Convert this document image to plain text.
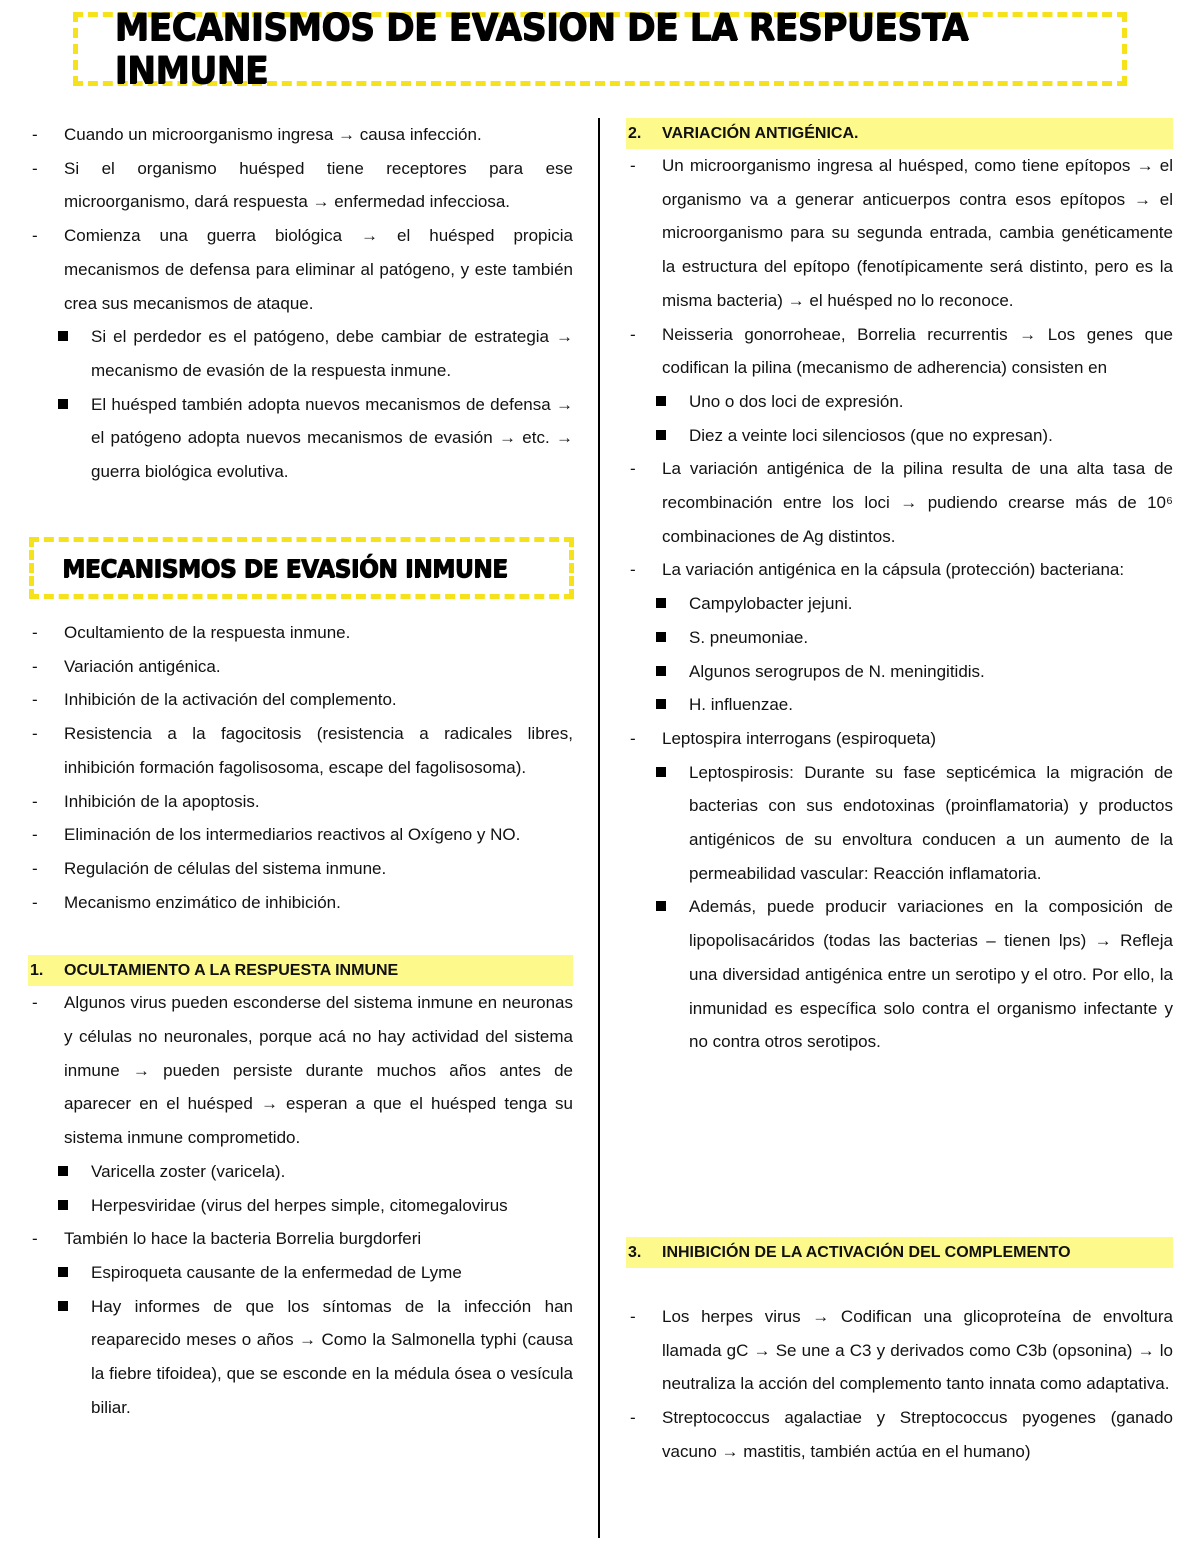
MECANISMOS DE EVASION DE LA RESPUESTA INMUNE
- Cuando un microorganismo ingresa → causa infección.
- Si el organismo huésped tiene receptores para ese microorganismo, dará respuesta → enfermedad infecciosa.
- Comienza una guerra biológica → el huésped propicia mecanismos de defensa para eliminar al patógeno, y este también crea sus mecanismos de ataque.
Si el perdedor es el patógeno, debe cambiar de estrategia → mecanismo de evasión de la respuesta inmune.
El huésped también adopta nuevos mecanismos de defensa → el patógeno adopta nuevos mecanismos de evasión → etc. → guerra biológica evolutiva.
MECANISMOS DE EVASIÓN INMUNE
- Ocultamiento de la respuesta inmune.
- Variación antigénica.
- Inhibición de la activación del complemento.
- Resistencia a la fagocitosis (resistencia a radicales libres, inhibición formación fagolisosoma, escape del fagolisosoma).
- Inhibición de la apoptosis.
- Eliminación de los intermediarios reactivos al Oxígeno y NO.
- Regulación de células del sistema inmune.
- Mecanismo enzimático de inhibición.
1.	OCULTAMIENTO A LA RESPUESTA INMUNE
- Algunos virus pueden esconderse del sistema inmune en neuronas y células no neuronales, porque acá no hay actividad del sistema inmune → pueden persiste durante muchos años antes de aparecer en el huésped → esperan a que el huésped tenga su sistema inmune comprometido.
Varicella zoster (varicela).
Herpesviridae (virus del herpes simple, citomegalovirus
- También lo hace la bacteria Borrelia burgdorferi
Espiroqueta causante de la enfermedad de Lyme
Hay informes de que los síntomas de la infección han reaparecido meses o años → Como la Salmonella typhi (causa la fiebre tifoidea), que se esconde en la médula ósea o vesícula biliar.
2.	VARIACIÓN ANTIGÉNICA.
- Un microorganismo ingresa al huésped, como tiene epítopos → el organismo va a generar anticuerpos contra esos epítopos → el microorganismo para su segunda entrada, cambia genéticamente la estructura del epítopo (fenotípicamente será distinto, pero es la misma bacteria) → el huésped no lo reconoce.
- Neisseria gonorroheae, Borrelia recurrentis → Los genes que codifican la pilina (mecanismo de adherencia) consisten en
Uno o dos loci de expresión.
Diez a veinte loci silenciosos (que no expresan).
- La variación antigénica de la pilina resulta de una alta tasa de recombinación entre los loci → pudiendo crearse más de 10⁶ combinaciones de Ag distintos.
- La variación antigénica en la cápsula (protección) bacteriana:
Campylobacter jejuni.
S. pneumoniae.
Algunos serogrupos de N. meningitidis.
H. influenzae.
- Leptospira interrogans (espiroqueta)
Leptospirosis: Durante su fase septicémica la migración de bacterias con sus endotoxinas (proinflamatoria) y productos antigénicos de su envoltura conducen a un aumento de la permeabilidad vascular: Reacción inflamatoria.
Además, puede producir variaciones en la composición de lipopolisacáridos (todas las bacterias – tienen lps) → Refleja una diversidad antigénica entre un serotipo y el otro. Por ello, la inmunidad es específica solo contra el organismo infectante y no contra otros serotipos.
3.	INHIBICIÓN DE LA ACTIVACIÓN DEL COMPLEMENTO
- Los herpes virus → Codifican una glicoproteína de envoltura llamada gC → Se une a C3 y derivados como C3b (opsonina) → lo neutraliza la acción del complemento tanto innata como adaptativa.
- Streptococcus agalactiae y Streptococcus pyogenes (ganado vacuno → mastitis, también actúa en el humano)
